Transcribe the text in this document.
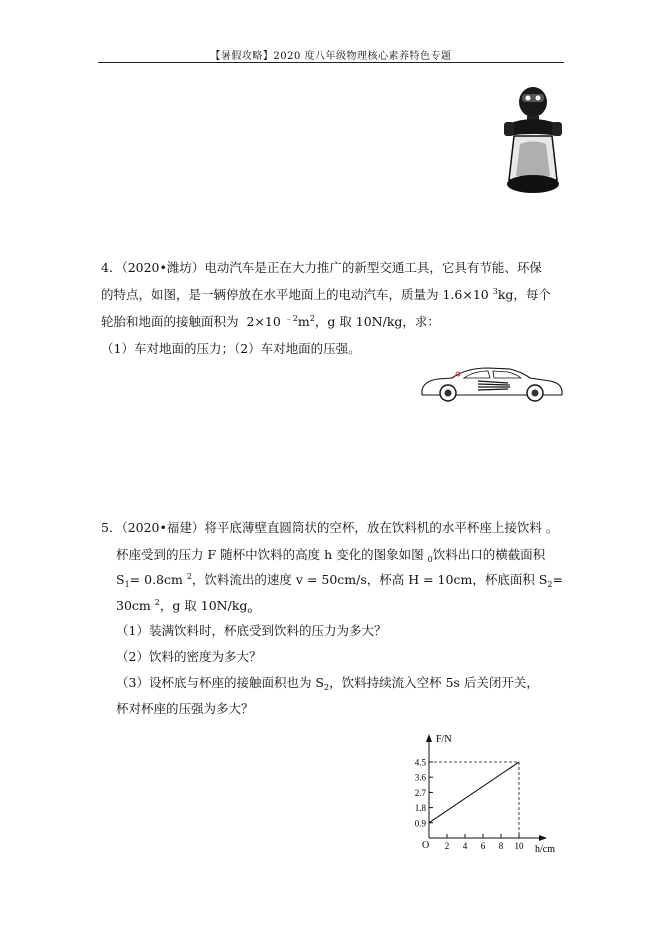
【暑假攻略】2020 度八年级物理核心素养特色专题
4．（2020•潍坊）电动汽车是正在大力推广的新型交通工具，它具有节能、环保
的特点，如图，是一辆停放在水平地面上的电动汽车，质量为 1.6×10 $^3$kg，每个
轮胎和地面的接触面积为  2×10 $^{﹣2}m^2$，g 取 10N/kg，求：
（1）车对地面的压力；（2）车对地面的压强。
5．（2020•福建）将平底薄壁直圆筒状的空杯，放在饮料机的水平杯座上接饮料 。
杯座受到的压力 F 随杯中饮料的高度 h 变化的图象如图 $_0$饮料出口的横截面积
$S_1= 0.8cm$ $^2$，饮料流出的速度 v = 50cm/s，杯高 H = 10cm，杯底面积 $S_2=$
30cm $^2$，g 取 $10N/kg_o$
（1）装满饮料时，杯底受到饮料的压力为多大？
（2）饮料的密度为多大？
（3）设杯底与杯座的接触面积也为 $S_2$，饮料持续流入空杯 5s 后关闭开关，
杯对杯座的压强为多大？
F/N
h/cm
O
0.9
1.8
2.7
3.6
4.5
2 4 6 8 10
